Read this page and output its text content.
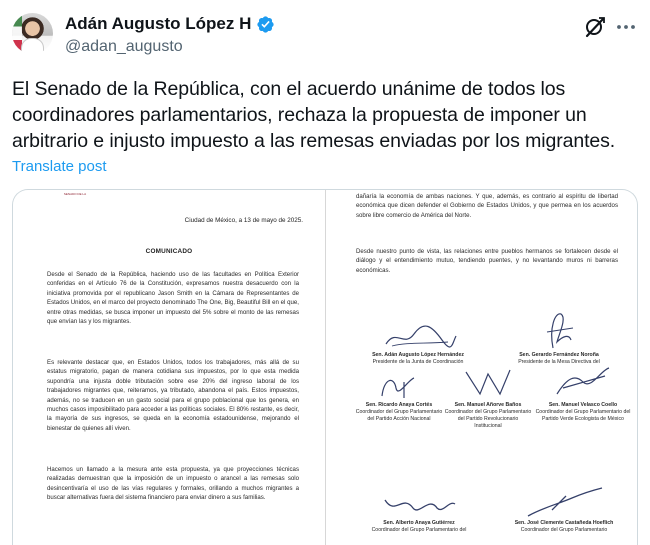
Adán Augusto López H
@adan_augusto
El Senado de la República, con el acuerdo unánime de todos los coordinadores parlamentarios, rechaza la propuesta de imponer un arbitrario e injusto impuesto a las remesas enviadas por los migrantes.
Translate post
SENADO DE LA
Ciudad de México, a 13 de mayo de 2025.
COMUNICADO
Desde el Senado de la República, haciendo uso de las facultades en Política Exterior conferidas en el Artículo 76 de la Constitución, expresamos nuestra desacuerdo con la iniciativa promovida por el republicano Jason Smith en la Cámara de Representantes de Estados Unidos, en el marco del proyecto denominado The One, Big, Beautiful Bill en el que, entre otras medidas, se busca imponer un impuesto del 5% sobre el monto de las remesas que envían las y los migrantes.
Es relevante destacar que, en Estados Unidos, todos los trabajadores, más allá de su estatus migratorio, pagan de manera cotidiana sus impuestos, por lo que esta medida supondría una injusta doble tributación sobre ese 20% del ingreso laboral de los trabajadores migrantes que, reiteramos, ya tributado, abandona el país. Estos impuestos, además, no se traducen en un gasto social para el grupo poblacional que los genera, en muchos casos imposibilitado para acceder a las políticas sociales. El 80% restante, es decir, la mayoría de sus ingresos, se queda en la economía estadounidense, mejorando el bienestar de quienes allí viven.
Hacemos un llamado a la mesura ante esta propuesta, ya que proyecciones técnicas realizadas demuestran que la imposición de un impuesto o arancel a las remesas solo desincentivaría el uso de las vías regulares y formales, orillando a muchos migrantes a buscar alternativas fuera del sistema financiero para enviar dinero a sus familias.
dañaría la economía de ambas naciones. Y que, además, es contrario al espíritu de libertad económica que dicen defender el Gobierno de Estados Unidos, y que permea en los acuerdos sobre libre comercio de América del Norte.
Desde nuestro punto de vista, las relaciones entre pueblos hermanos se fortalecen desde el diálogo y el entendimiento mutuo, tendiendo puentes, y no levantando muros ni barreras económicas.
Sen. Adán Augusto López Hernández
Presidente de la Junta de Coordinación
Sen. Gerardo Fernández Noroña
Presidente de la Mesa Directiva del
Sen. Ricardo Anaya Cortés
Coordinador del Grupo Parlamentario del Partido Acción Nacional
Sen. Manuel Añorve Baños
Coordinador del Grupo Parlamentario del Partido Revolucionario Institucional
Sen. Manuel Velasco Coello
Coordinador del Grupo Parlamentario del Partido Verde Ecologista de México
Sen. Alberto Anaya Gutiérrez
Coordinador del Grupo Parlamentario del
Sen. José Clemente Castañeda Hoeflich
Coordinador del Grupo Parlamentario
